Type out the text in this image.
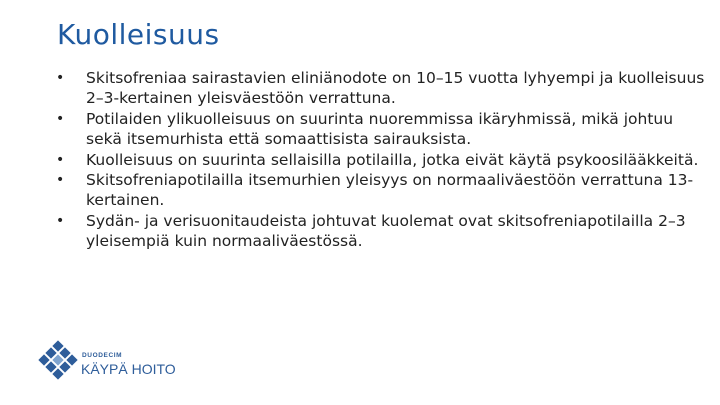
Kuolleisuus
• Skitsofreniaa sairastavien eliniänodote on 10–15 vuotta lyhyempi ja kuolleisuus 2–3-kertainen yleisväestöön verrattuna.
• Potilaiden ylikuolleisuus on suurinta nuoremmissa ikäryhmissä, mikä johtuu sekä itsemurhista että somaattisista sairauksista.
• Kuolleisuus on suurinta sellaisilla potilailla, jotka eivät käytä psykoosilääkkeitä.
• Skitsofreniapotilailla itsemurhien yleisyys on normaaliväestöön verrattuna 13-kertainen.
• Sydän- ja verisuonitaudeista johtuvat kuolemat ovat skitsofreniapotilailla 2–3 yleisempiä kuin normaaliväestössä.
DUODECIM
KÄYPÄ HOITO
